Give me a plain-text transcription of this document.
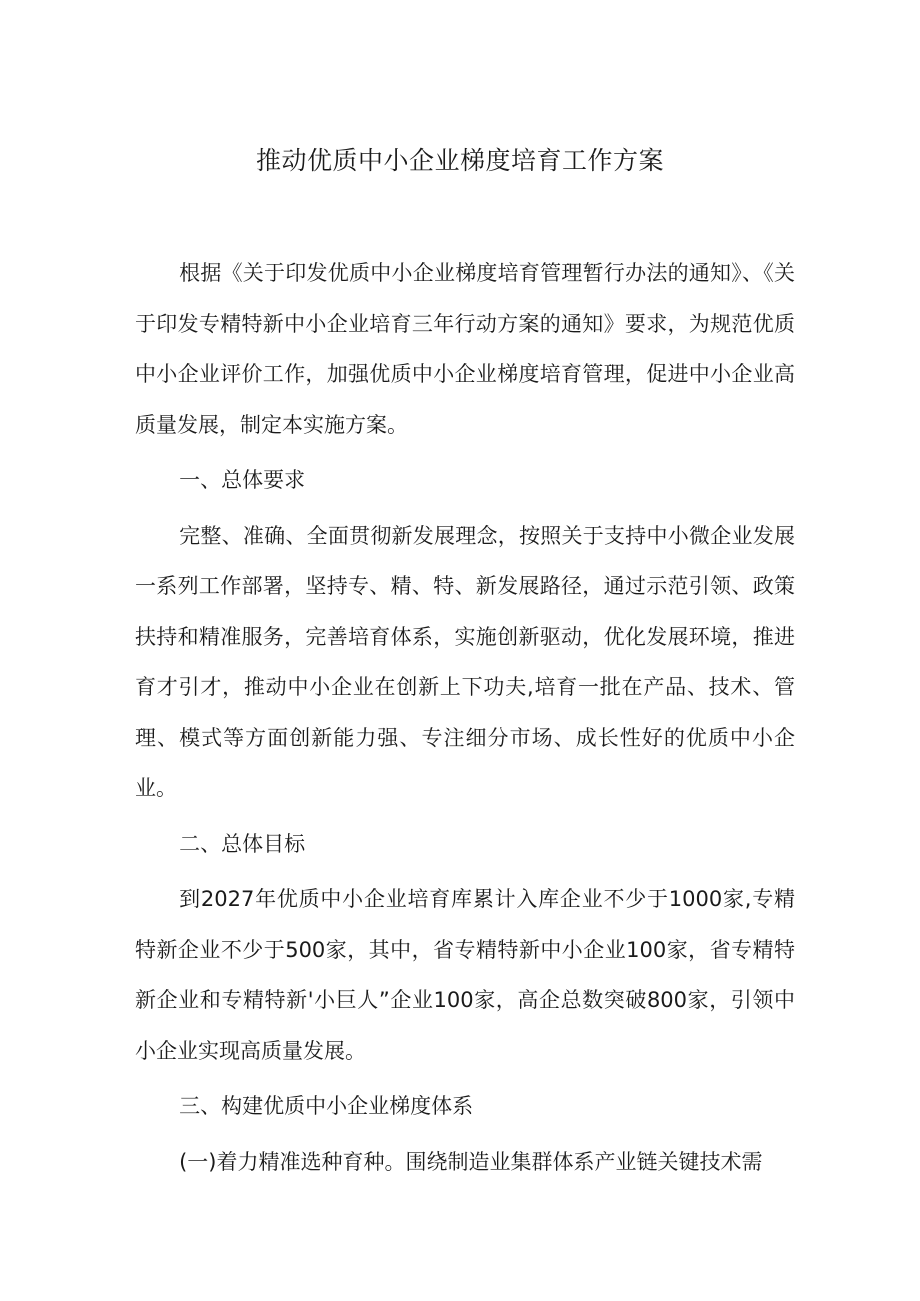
推动优质中小企业梯度培育工作方案

根据《关于印发优质中小企业梯度培育管理暂行办法的通知》、《关于印发专精特新中小企业培育三年行动方案的通知》要求，为规范优质中小企业评价工作，加强优质中小企业梯度培育管理，促进中小企业高质量发展，制定本实施方案。

一、总体要求

完整、准确、全面贯彻新发展理念，按照关于支持中小微企业发展一系列工作部署，坚持专、精、特、新发展路径，通过示范引领、政策扶持和精准服务，完善培育体系，实施创新驱动，优化发展环境，推进育才引才，推动中小企业在创新上下功夫,培育一批在产品、技术、管理、模式等方面创新能力强、专注细分市场、成长性好的优质中小企业。

二、总体目标

到2027年优质中小企业培育库累计入库企业不少于1000家,专精特新企业不少于500家，其中，省专精特新中小企业100家，省专精特新企业和专精特新'小巨人”企业100家，高企总数突破800家，引领中小企业实现高质量发展。

三、构建优质中小企业梯度体系

(一)着力精准选种育种。围绕制造业集群体系产业链关键技术需
